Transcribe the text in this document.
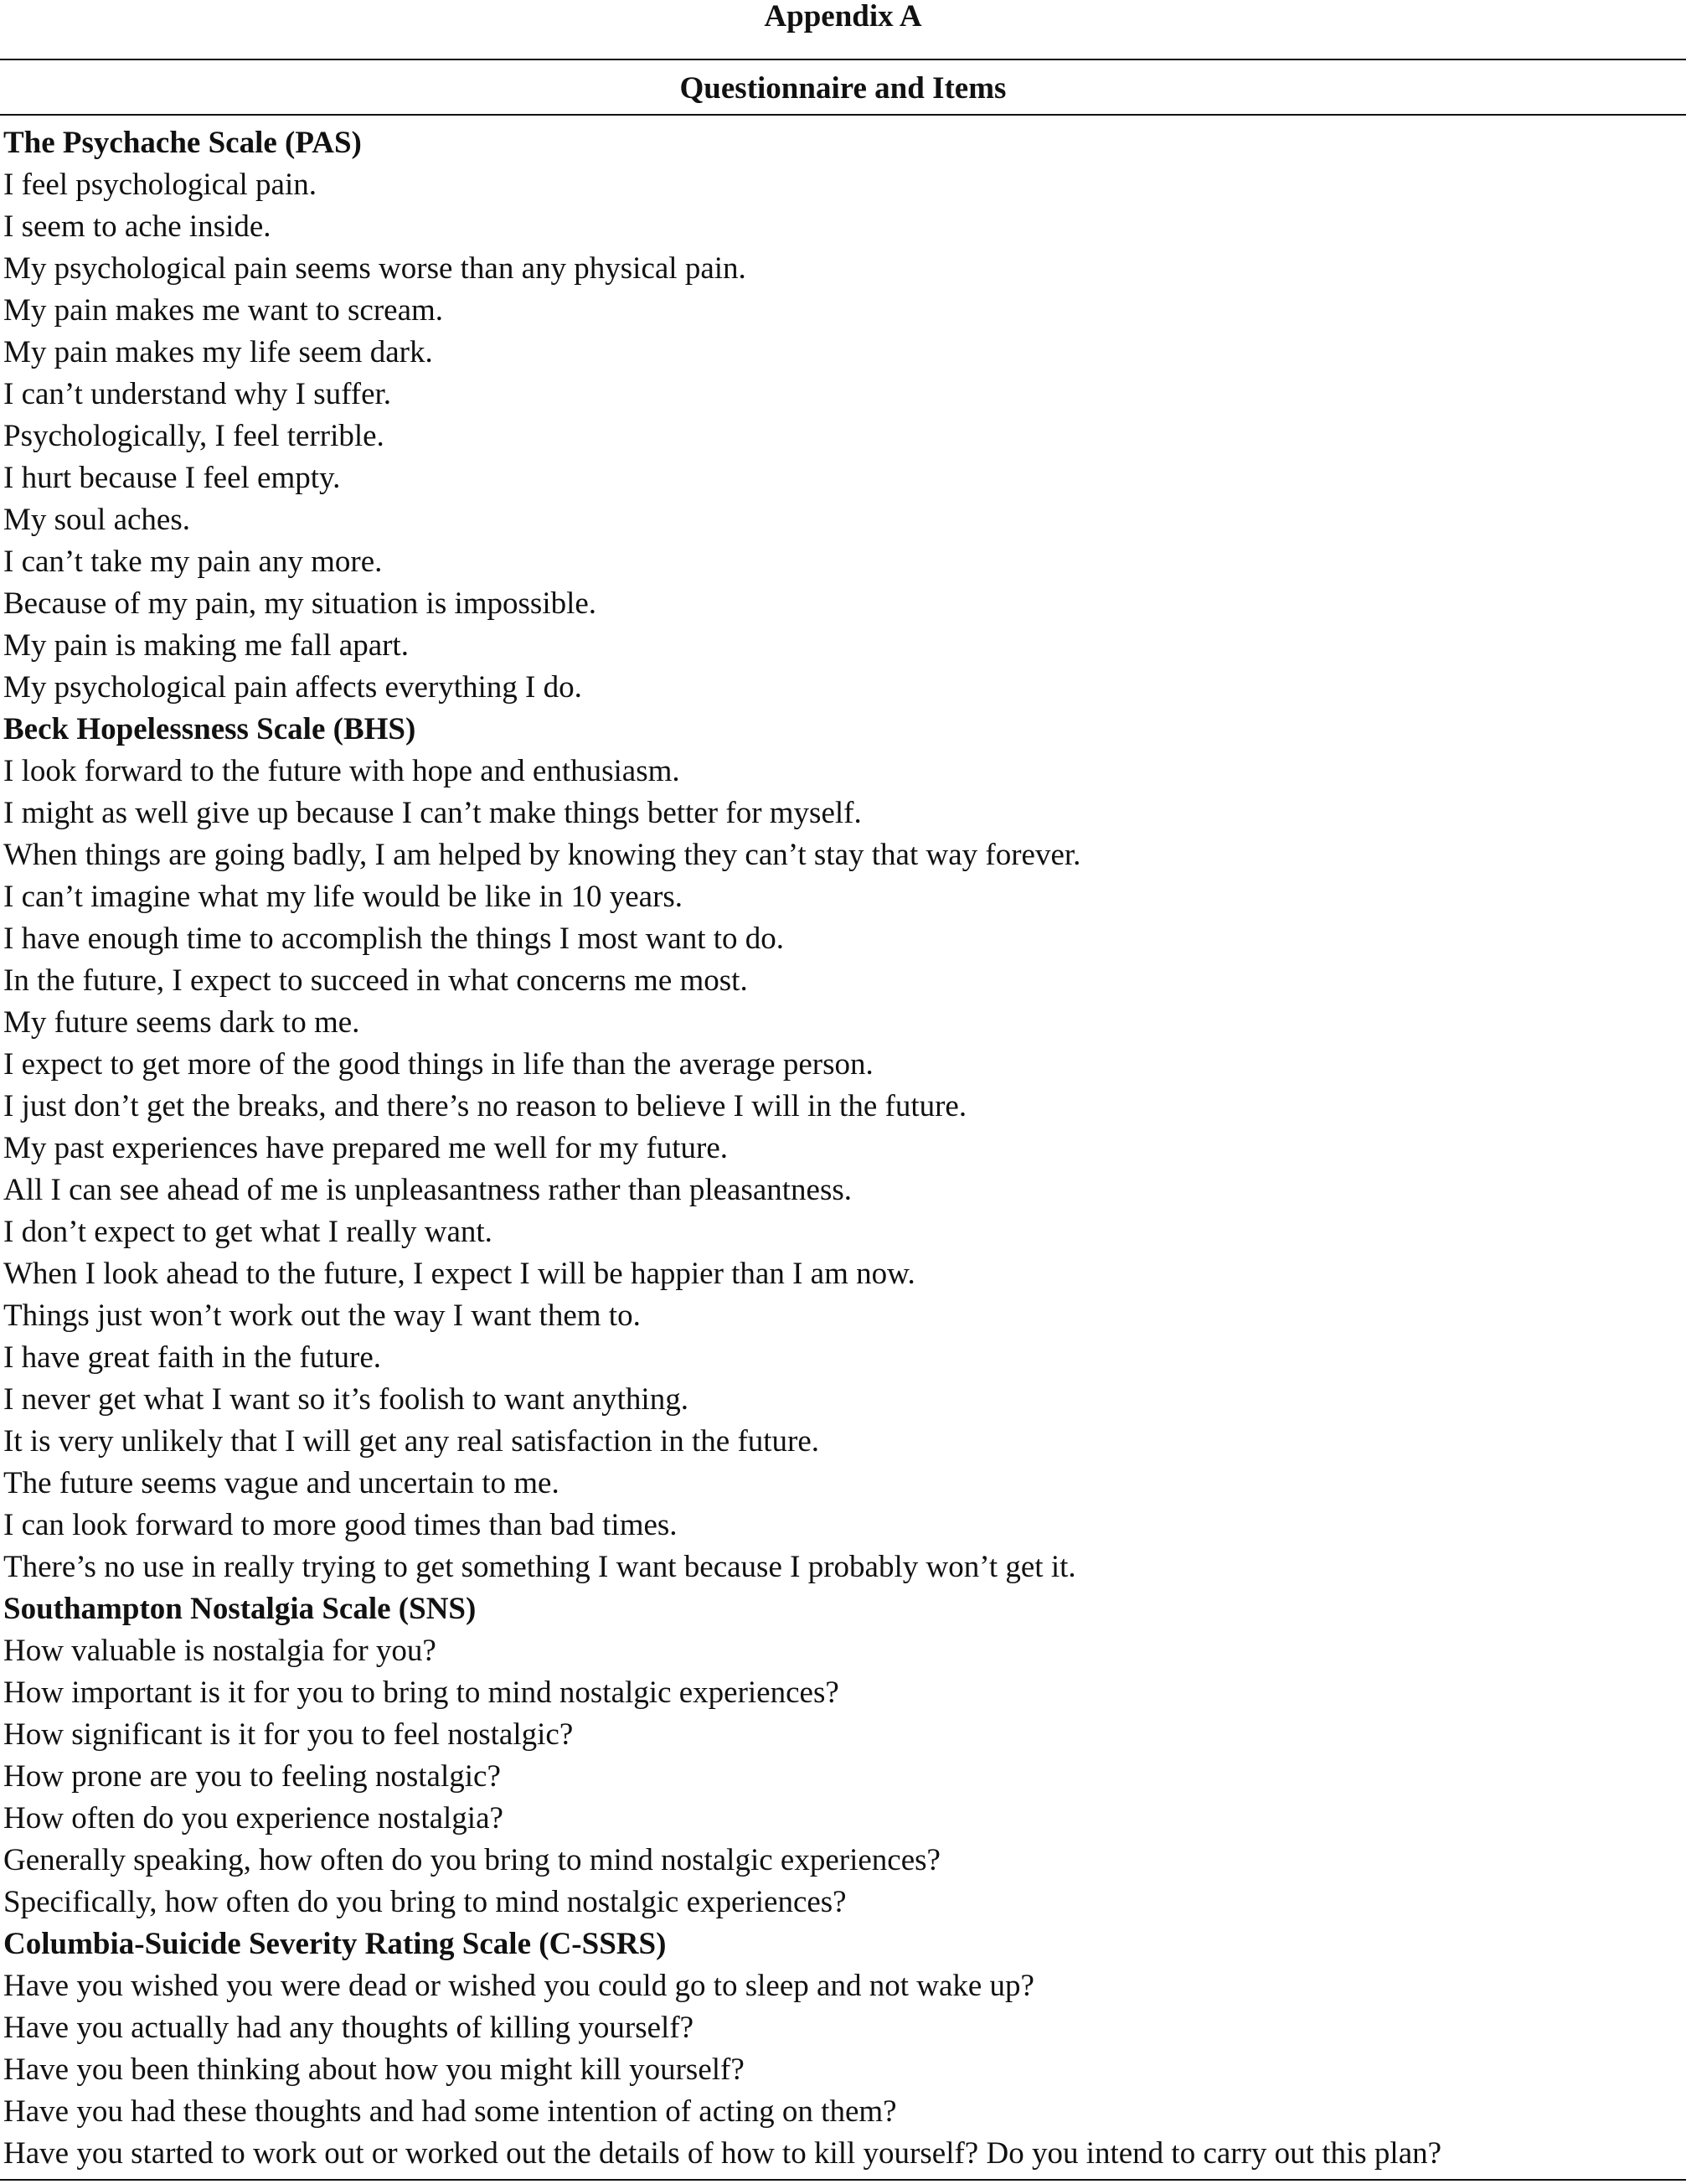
Appendix A
Questionnaire and Items
The Psychache Scale (PAS)
I feel psychological pain.
I seem to ache inside.
My psychological pain seems worse than any physical pain.
My pain makes me want to scream.
My pain makes my life seem dark.
I can’t understand why I suffer.
Psychologically, I feel terrible.
I hurt because I feel empty.
My soul aches.
I can’t take my pain any more.
Because of my pain, my situation is impossible.
My pain is making me fall apart.
My psychological pain affects everything I do.
Beck Hopelessness Scale (BHS)
I look forward to the future with hope and enthusiasm.
I might as well give up because I can’t make things better for myself.
When things are going badly, I am helped by knowing they can’t stay that way forever.
I can’t imagine what my life would be like in 10 years.
I have enough time to accomplish the things I most want to do.
In the future, I expect to succeed in what concerns me most.
My future seems dark to me.
I expect to get more of the good things in life than the average person.
I just don’t get the breaks, and there’s no reason to believe I will in the future.
My past experiences have prepared me well for my future.
All I can see ahead of me is unpleasantness rather than pleasantness.
I don’t expect to get what I really want.
When I look ahead to the future, I expect I will be happier than I am now.
Things just won’t work out the way I want them to.
I have great faith in the future.
I never get what I want so it’s foolish to want anything.
It is very unlikely that I will get any real satisfaction in the future.
The future seems vague and uncertain to me.
I can look forward to more good times than bad times.
There’s no use in really trying to get something I want because I probably won’t get it.
Southampton Nostalgia Scale (SNS)
How valuable is nostalgia for you?
How important is it for you to bring to mind nostalgic experiences?
How significant is it for you to feel nostalgic?
How prone are you to feeling nostalgic?
How often do you experience nostalgia?
Generally speaking, how often do you bring to mind nostalgic experiences?
Specifically, how often do you bring to mind nostalgic experiences?
Columbia-Suicide Severity Rating Scale (C-SSRS)
Have you wished you were dead or wished you could go to sleep and not wake up?
Have you actually had any thoughts of killing yourself?
Have you been thinking about how you might kill yourself?
Have you had these thoughts and had some intention of acting on them?
Have you started to work out or worked out the details of how to kill yourself? Do you intend to carry out this plan?
